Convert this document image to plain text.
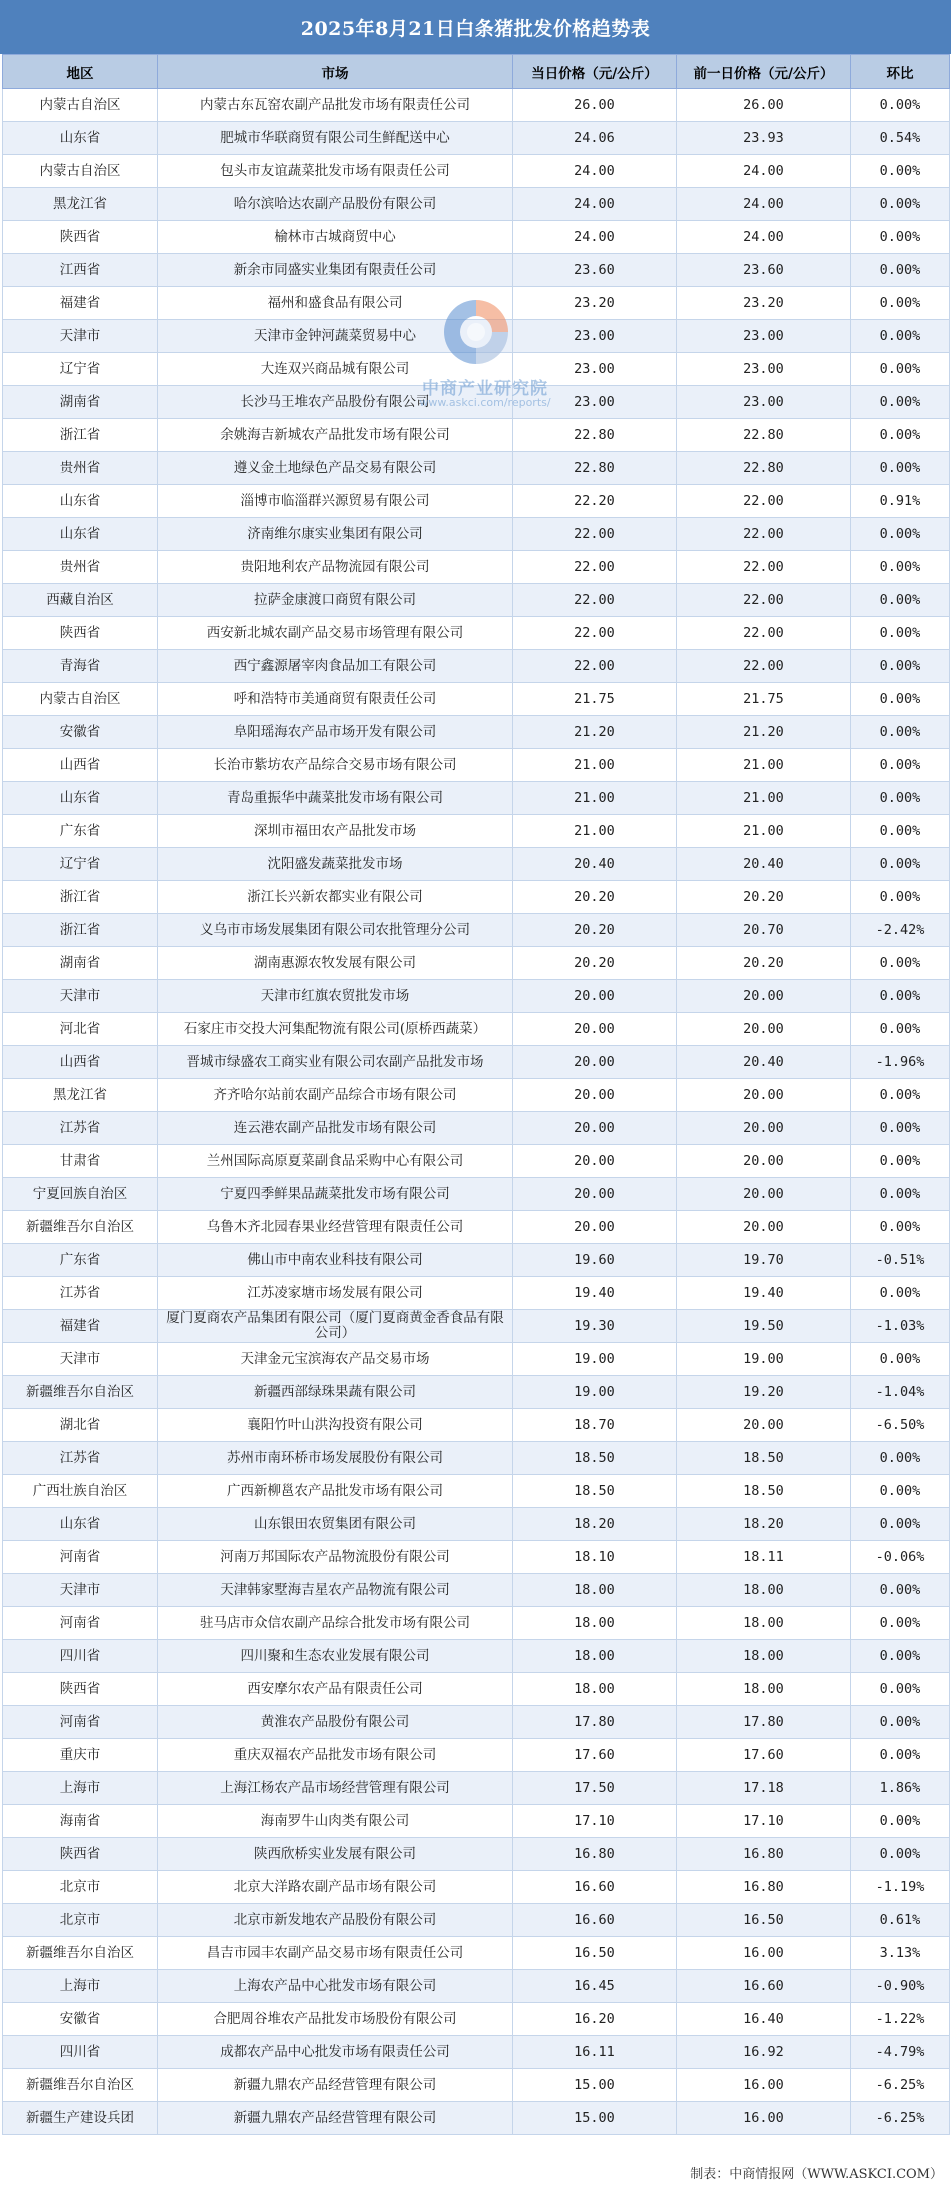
2025年8月21日白条猪批发价格趋势表
地区	市场	当日价格（元/公斤）	前一日价格（元/公斤）	环比
内蒙古自治区	内蒙古东瓦窑农副产品批发市场有限责任公司	26.00	26.00	0.00%
山东省	肥城市华联商贸有限公司生鲜配送中心	24.06	23.93	0.54%
内蒙古自治区	包头市友谊蔬菜批发市场有限责任公司	24.00	24.00	0.00%
黑龙江省	哈尔滨哈达农副产品股份有限公司	24.00	24.00	0.00%
陕西省	榆林市古城商贸中心	24.00	24.00	0.00%
江西省	新余市同盛实业集团有限责任公司	23.60	23.60	0.00%
福建省	福州和盛食品有限公司	23.20	23.20	0.00%
天津市	天津市金钟河蔬菜贸易中心	23.00	23.00	0.00%
辽宁省	大连双兴商品城有限公司	23.00	23.00	0.00%
湖南省	长沙马王堆农产品股份有限公司	23.00	23.00	0.00%
浙江省	余姚海吉新城农产品批发市场有限公司	22.80	22.80	0.00%
贵州省	遵义金土地绿色产品交易有限公司	22.80	22.80	0.00%
山东省	淄博市临淄群兴源贸易有限公司	22.20	22.00	0.91%
山东省	济南维尔康实业集团有限公司	22.00	22.00	0.00%
贵州省	贵阳地利农产品物流园有限公司	22.00	22.00	0.00%
西藏自治区	拉萨金康渡口商贸有限公司	22.00	22.00	0.00%
陕西省	西安新北城农副产品交易市场管理有限公司	22.00	22.00	0.00%
青海省	西宁鑫源屠宰肉食品加工有限公司	22.00	22.00	0.00%
内蒙古自治区	呼和浩特市美通商贸有限责任公司	21.75	21.75	0.00%
安徽省	阜阳瑶海农产品市场开发有限公司	21.20	21.20	0.00%
山西省	长治市紫坊农产品综合交易市场有限公司	21.00	21.00	0.00%
山东省	青岛重振华中蔬菜批发市场有限公司	21.00	21.00	0.00%
广东省	深圳市福田农产品批发市场	21.00	21.00	0.00%
辽宁省	沈阳盛发蔬菜批发市场	20.40	20.40	0.00%
浙江省	浙江长兴新农都实业有限公司	20.20	20.20	0.00%
浙江省	义乌市市场发展集团有限公司农批管理分公司	20.20	20.70	-2.42%
湖南省	湖南惠源农牧发展有限公司	20.20	20.20	0.00%
天津市	天津市红旗农贸批发市场	20.00	20.00	0.00%
河北省	石家庄市交投大河集配物流有限公司(原桥西蔬菜）	20.00	20.00	0.00%
山西省	晋城市绿盛农工商实业有限公司农副产品批发市场	20.00	20.40	-1.96%
黑龙江省	齐齐哈尔站前农副产品综合市场有限公司	20.00	20.00	0.00%
江苏省	连云港农副产品批发市场有限公司	20.00	20.00	0.00%
甘肃省	兰州国际高原夏菜副食品采购中心有限公司	20.00	20.00	0.00%
宁夏回族自治区	宁夏四季鲜果品蔬菜批发市场有限公司	20.00	20.00	0.00%
新疆维吾尔自治区	乌鲁木齐北园春果业经营管理有限责任公司	20.00	20.00	0.00%
广东省	佛山市中南农业科技有限公司	19.60	19.70	-0.51%
江苏省	江苏凌家塘市场发展有限公司	19.40	19.40	0.00%
福建省	厦门夏商农产品集团有限公司（厦门夏商黄金香食品有限公司）	19.30	19.50	-1.03%
天津市	天津金元宝滨海农产品交易市场	19.00	19.00	0.00%
新疆维吾尔自治区	新疆西部绿珠果蔬有限公司	19.00	19.20	-1.04%
湖北省	襄阳竹叶山洪沟投资有限公司	18.70	20.00	-6.50%
江苏省	苏州市南环桥市场发展股份有限公司	18.50	18.50	0.00%
广西壮族自治区	广西新柳邕农产品批发市场有限公司	18.50	18.50	0.00%
山东省	山东银田农贸集团有限公司	18.20	18.20	0.00%
河南省	河南万邦国际农产品物流股份有限公司	18.10	18.11	-0.06%
天津市	天津韩家墅海吉星农产品物流有限公司	18.00	18.00	0.00%
河南省	驻马店市众信农副产品综合批发市场有限公司	18.00	18.00	0.00%
四川省	四川聚和生态农业发展有限公司	18.00	18.00	0.00%
陕西省	西安摩尔农产品有限责任公司	18.00	18.00	0.00%
河南省	黄淮农产品股份有限公司	17.80	17.80	0.00%
重庆市	重庆双福农产品批发市场有限公司	17.60	17.60	0.00%
上海市	上海江杨农产品市场经营管理有限公司	17.50	17.18	1.86%
海南省	海南罗牛山肉类有限公司	17.10	17.10	0.00%
陕西省	陕西欣桥实业发展有限公司	16.80	16.80	0.00%
北京市	北京大洋路农副产品市场有限公司	16.60	16.80	-1.19%
北京市	北京市新发地农产品股份有限公司	16.60	16.50	0.61%
新疆维吾尔自治区	昌吉市园丰农副产品交易市场有限责任公司	16.50	16.00	3.13%
上海市	上海农产品中心批发市场有限公司	16.45	16.60	-0.90%
安徽省	合肥周谷堆农产品批发市场股份有限公司	16.20	16.40	-1.22%
四川省	成都农产品中心批发市场有限责任公司	16.11	16.92	-4.79%
新疆维吾尔自治区	新疆九鼎农产品经营管理有限公司	15.00	16.00	-6.25%
新疆生产建设兵团	新疆九鼎农产品经营管理有限公司	15.00	16.00	-6.25%
中商产业研究院
www.askci.com/reports/
制表：中商情报网（WWW.ASKCI.COM）
